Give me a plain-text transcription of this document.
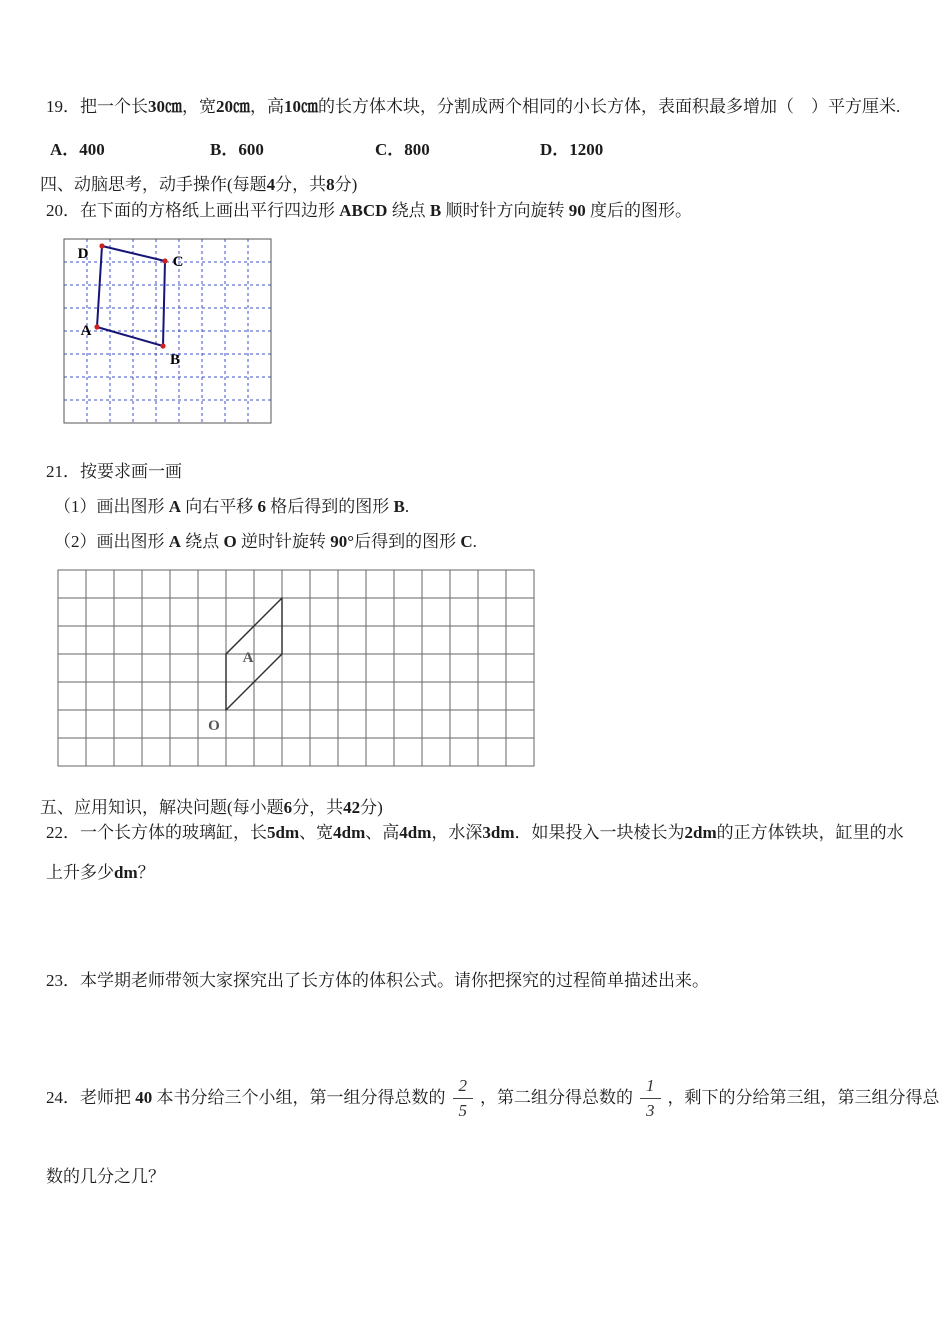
19．把一个长30㎝，宽20㎝，高10㎝的长方体木块，分割成两个相同的小长方体，表面积最多增加（　）平方厘米.

A．400	B．600	C．800	D．1200

四、动脑思考，动手操作(每题4分，共8分)

20．在下面的方格纸上画出平行四边形 ABCD 绕点 B 顺时针方向旋转 90 度后的图形。

D	C
A
B

21．按要求画一画

（1）画出图形 A 向右平移 6 格后得到的图形 B.

（2）画出图形 A 绕点 O 逆时针旋转 90°后得到的图形 C.

A
O

五、应用知识，解决问题(每小题6分，共42分)

22．一个长方体的玻璃缸，长5dm、宽4dm、高4dm，水深3dm．如果投入一块棱长为2dm的正方体铁块，缸里的水

上升多少dm？

23．本学期老师带领大家探究出了长方体的体积公式。请你把探究的过程简单描述出来。

24．老师把 40 本书分给三个小组，第一组分得总数的 $\frac{2}{5}$ ，第二组分得总数的 $\frac{1}{3}$ ，剩下的分给第三组，第三组分得总

数的几分之几？
